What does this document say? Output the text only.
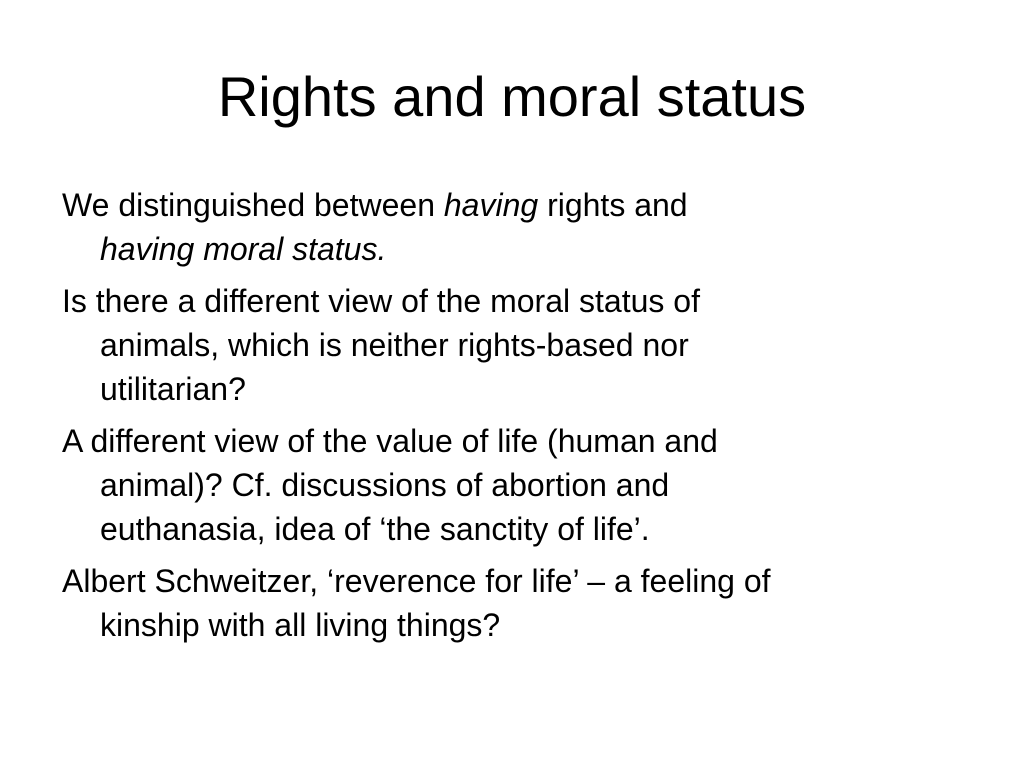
Rights and moral status

We distinguished between having rights and
having moral status.

Is there a different view of the moral status of
animals, which is neither rights-based nor
utilitarian?

A different view of the value of life (human and
animal)? Cf. discussions of abortion and
euthanasia, idea of ‘the sanctity of life’.

Albert Schweitzer, ‘reverence for life’ – a feeling of
kinship with all living things?
